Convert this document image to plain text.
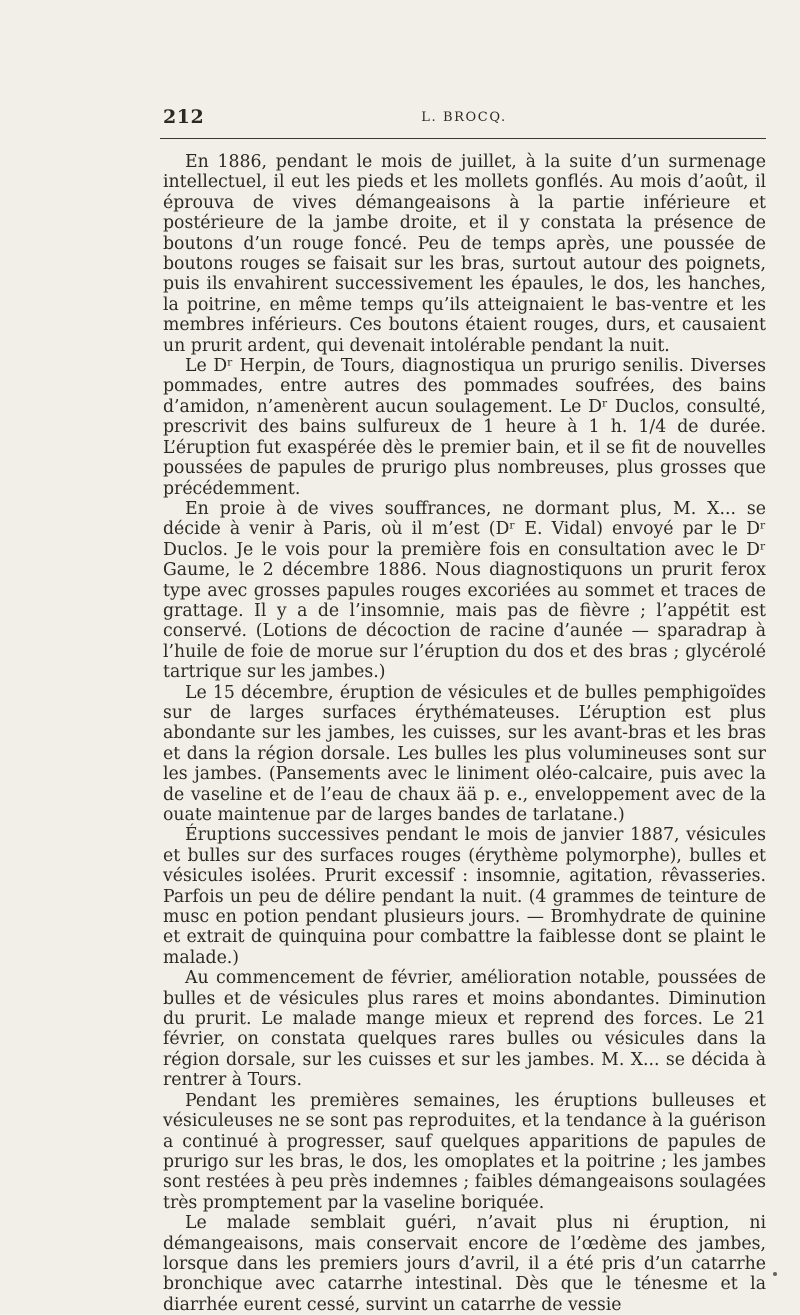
212	L. BROCQ.

En 1886, pendant le mois de juillet, à la suite d’un surmenage intellectuel, il eut les pieds et les mollets gonflés. Au mois d’août, il éprouva de vives démangeaisons à la partie inférieure et postérieure de la jambe droite, et il y constata la présence de boutons d’un rouge foncé. Peu de temps après, une poussée de boutons rouges se faisait sur les bras, surtout autour des poignets, puis ils envahirent successivement les épaules, le dos, les hanches, la poitrine, en même temps qu’ils atteignaient le bas-ventre et les membres inférieurs. Ces boutons étaient rouges, durs, et causaient un prurit ardent, qui devenait intolérable pendant la nuit.

Le Dʳ Herpin, de Tours, diagnostiqua un prurigo senilis. Diverses pommades, entre autres des pommades soufrées, des bains d’amidon, n’amenèrent aucun soulagement. Le Dʳ Duclos, consulté, prescrivit des bains sulfureux de 1 heure à 1 h. 1/4 de durée. L’éruption fut exaspérée dès le premier bain, et il se fit de nouvelles poussées de papules de prurigo plus nombreuses, plus grosses que précédemment.

En proie à de vives souffrances, ne dormant plus, M. X... se décide à venir à Paris, où il m’est (Dʳ E. Vidal) envoyé par le Dʳ Duclos. Je le vois pour la première fois en consultation avec le Dʳ Gaume, le 2 décembre 1886. Nous diagnostiquons un prurit ferox type avec grosses papules rouges excoriées au sommet et traces de grattage. Il y a de l’insomnie, mais pas de fièvre ; l’appétit est conservé. (Lotions de décoction de racine d’aunée — sparadrap à l’huile de foie de morue sur l’éruption du dos et des bras ; glycérolé tartrique sur les jambes.)

Le 15 décembre, éruption de vésicules et de bulles pemphigoïdes sur de larges surfaces érythémateuses. L’éruption est plus abondante sur les jambes, les cuisses, sur les avant-bras et les bras et dans la région dorsale. Les bulles les plus volumineuses sont sur les jambes. (Pansements avec le liniment oléo-calcaire, puis avec la de vaseline et de l’eau de chaux ää p. e., enveloppement avec de la ouate maintenue par de larges bandes de tarlatane.)

Éruptions successives pendant le mois de janvier 1887, vésicules et bulles sur des surfaces rouges (érythème polymorphe), bulles et vésicules isolées. Prurit excessif : insomnie, agitation, rêvasseries. Parfois un peu de délire pendant la nuit. (4 grammes de teinture de musc en potion pendant plusieurs jours. — Bromhydrate de quinine et extrait de quinquina pour combattre la faiblesse dont se plaint le malade.)

Au commencement de février, amélioration notable, poussées de bulles et de vésicules plus rares et moins abondantes. Diminution du prurit. Le malade mange mieux et reprend des forces. Le 21 février, on constata quelques rares bulles ou vésicules dans la région dorsale, sur les cuisses et sur les jambes. M. X... se décida à rentrer à Tours.

Pendant les premières semaines, les éruptions bulleuses et vésiculeuses ne se sont pas reproduites, et la tendance à la guérison a continué à progresser, sauf quelques apparitions de papules de prurigo sur les bras, le dos, les omoplates et la poitrine ; les jambes sont restées à peu près indemnes ; faibles démangeaisons soulagées très promptement par la vaseline boriquée.

Le malade semblait guéri, n’avait plus ni éruption, ni démangeaisons, mais conservait encore de l’œdème des jambes, lorsque dans les premiers jours d’avril, il a été pris d’un catarrhe bronchique avec catarrhe intestinal. Dès que le ténesme et la diarrhée eurent cessé, survint un catarrhe de vessie
